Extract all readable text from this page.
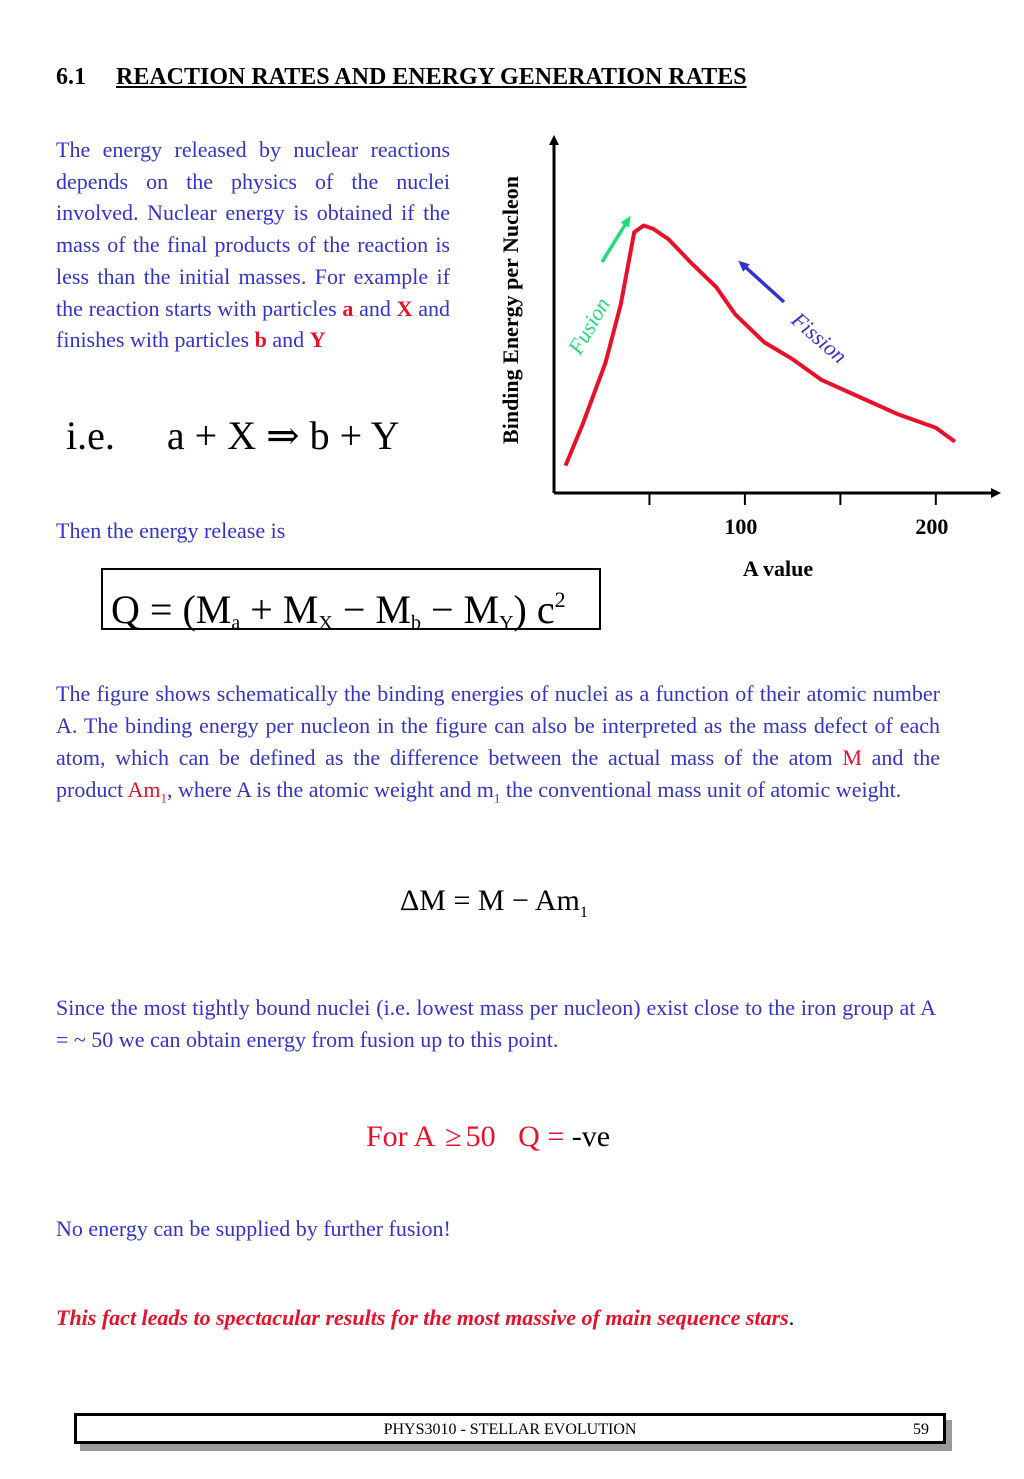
6.1 REACTION RATES AND ENERGY GENERATION RATES
The energy released by nuclear reactions depends on the physics of the nuclei involved. Nuclear energy is obtained if the mass of the final products of the reaction is less than the initial masses. For example if the reaction starts with particles a and X and finishes with particles b and Y
i.e. a + X ⇒ b + Y
Then the energy release is
$Q = (M_a + M_X - M_b - M_Y)$ $c^2$
100	200
Fusion	Fission
Binding Energy per Nucleon
A value
The figure shows schematically the binding energies of nuclei as a function of their atomic number A. The binding energy per nucleon in the figure can also be interpreted as the mass defect of each atom, which can be defined as the difference between the actual mass of the atom M and the product $Am_1$, where A is the atomic weight and $m_1$ the conventional mass unit of atomic weight.
$\Delta M = M - Am_1$
Since the most tightly bound nuclei (i.e. lowest mass per nucleon) exist close to the iron group at A = ~ 50 we can obtain energy from fusion up to this point.
For A ≥ 50   Q = -ve
No energy can be supplied by further fusion!
This fact leads to spectacular results for the most massive of main sequence stars.
PHYS3010 - STELLAR EVOLUTION	59
